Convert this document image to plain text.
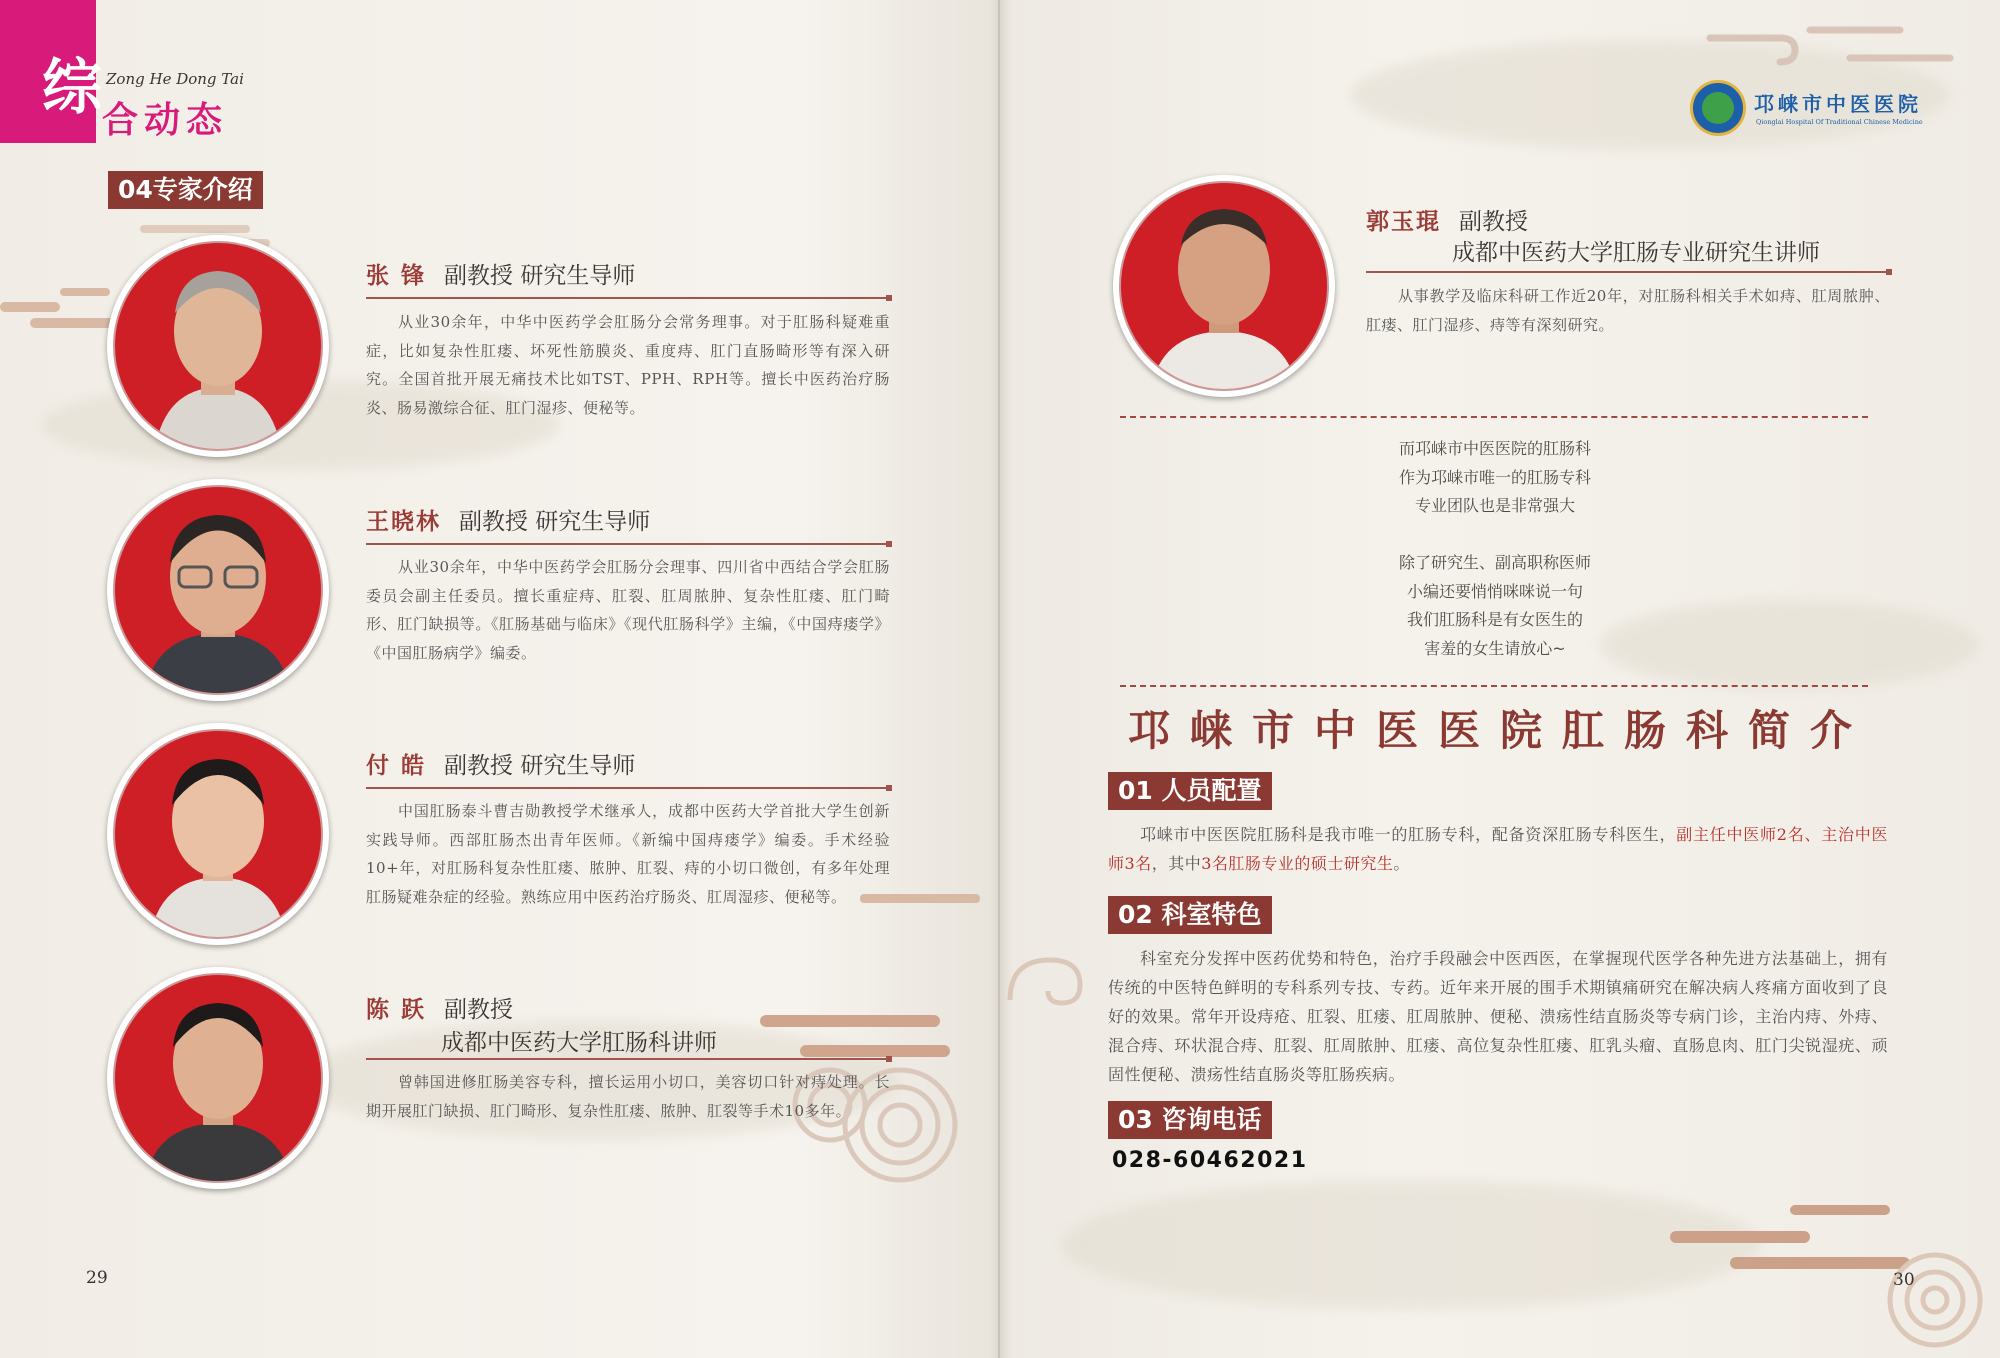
综 Zong He Dong Tai
合动态
04专家介绍
张 锋 副教授 研究生导师
从业30余年，中华中医药学会肛肠分会常务理事。对于肛肠科疑难重症，比如复杂性肛瘘、坏死性筋膜炎、重度痔、肛门直肠畸形等有深入研究。全国首批开展无痛技术比如TST、PPH、RPH等。擅长中医药治疗肠炎、肠易激综合征、肛门湿疹、便秘等。
王晓林 副教授 研究生导师
从业30余年，中华中医药学会肛肠分会理事、四川省中西结合学会肛肠委员会副主任委员。擅长重症痔、肛裂、肛周脓肿、复杂性肛瘘、肛门畸形、肛门缺损等。《肛肠基础与临床》《现代肛肠科学》主编，《中国痔瘘学》《中国肛肠病学》编委。
付 皓 副教授 研究生导师
中国肛肠泰斗曹吉勋教授学术继承人，成都中医药大学首批大学生创新实践导师。西部肛肠杰出青年医师。《新编中国痔瘘学》编委。手术经验10+年，对肛肠科复杂性肛瘘、脓肿、肛裂、痔的小切口微创，有多年处理肛肠疑难杂症的经验。熟练应用中医药治疗肠炎、肛周湿疹、便秘等。
陈 跃 副教授
成都中医药大学肛肠科讲师
曾韩国进修肛肠美容专科，擅长运用小切口，美容切口针对痔处理。长期开展肛门缺损、肛门畸形、复杂性肛瘘、脓肿、肛裂等手术10多年。
29
邛崃市中医医院
Qionglai Hospital Of Traditional Chinese Medicine
郭玉琨 副教授
成都中医药大学肛肠专业研究生讲师
从事教学及临床科研工作近20年，对肛肠科相关手术如痔、肛周脓肿、肛瘘、肛门湿疹、痔等有深刻研究。
而邛崃市中医医院的肛肠科
作为邛崃市唯一的肛肠专科
专业团队也是非常强大
除了研究生、副高职称医师
小编还要悄悄咪咪说一句
我们肛肠科是有女医生的
害羞的女生请放心~
邛崃市中医医院肛肠科简介
01 人员配置
邛崃市中医医院肛肠科是我市唯一的肛肠专科，配备资深肛肠专科医生，副主任中医师2名、主治中医师3名，其中3名肛肠专业的硕士研究生。
02 科室特色
科室充分发挥中医药优势和特色，治疗手段融会中医西医，在掌握现代医学各种先进方法基础上，拥有传统的中医特色鲜明的专科系列专技、专药。近年来开展的围手术期镇痛研究在解决病人疼痛方面收到了良好的效果。常年开设痔疮、肛裂、肛瘘、肛周脓肿、便秘、溃疡性结直肠炎等专病门诊，主治内痔、外痔、混合痔、环状混合痔、肛裂、肛周脓肿、肛瘘、高位复杂性肛瘘、肛乳头瘤、直肠息肉、肛门尖锐湿疣、顽固性便秘、溃疡性结直肠炎等肛肠疾病。
03 咨询电话
028-60462021
30
